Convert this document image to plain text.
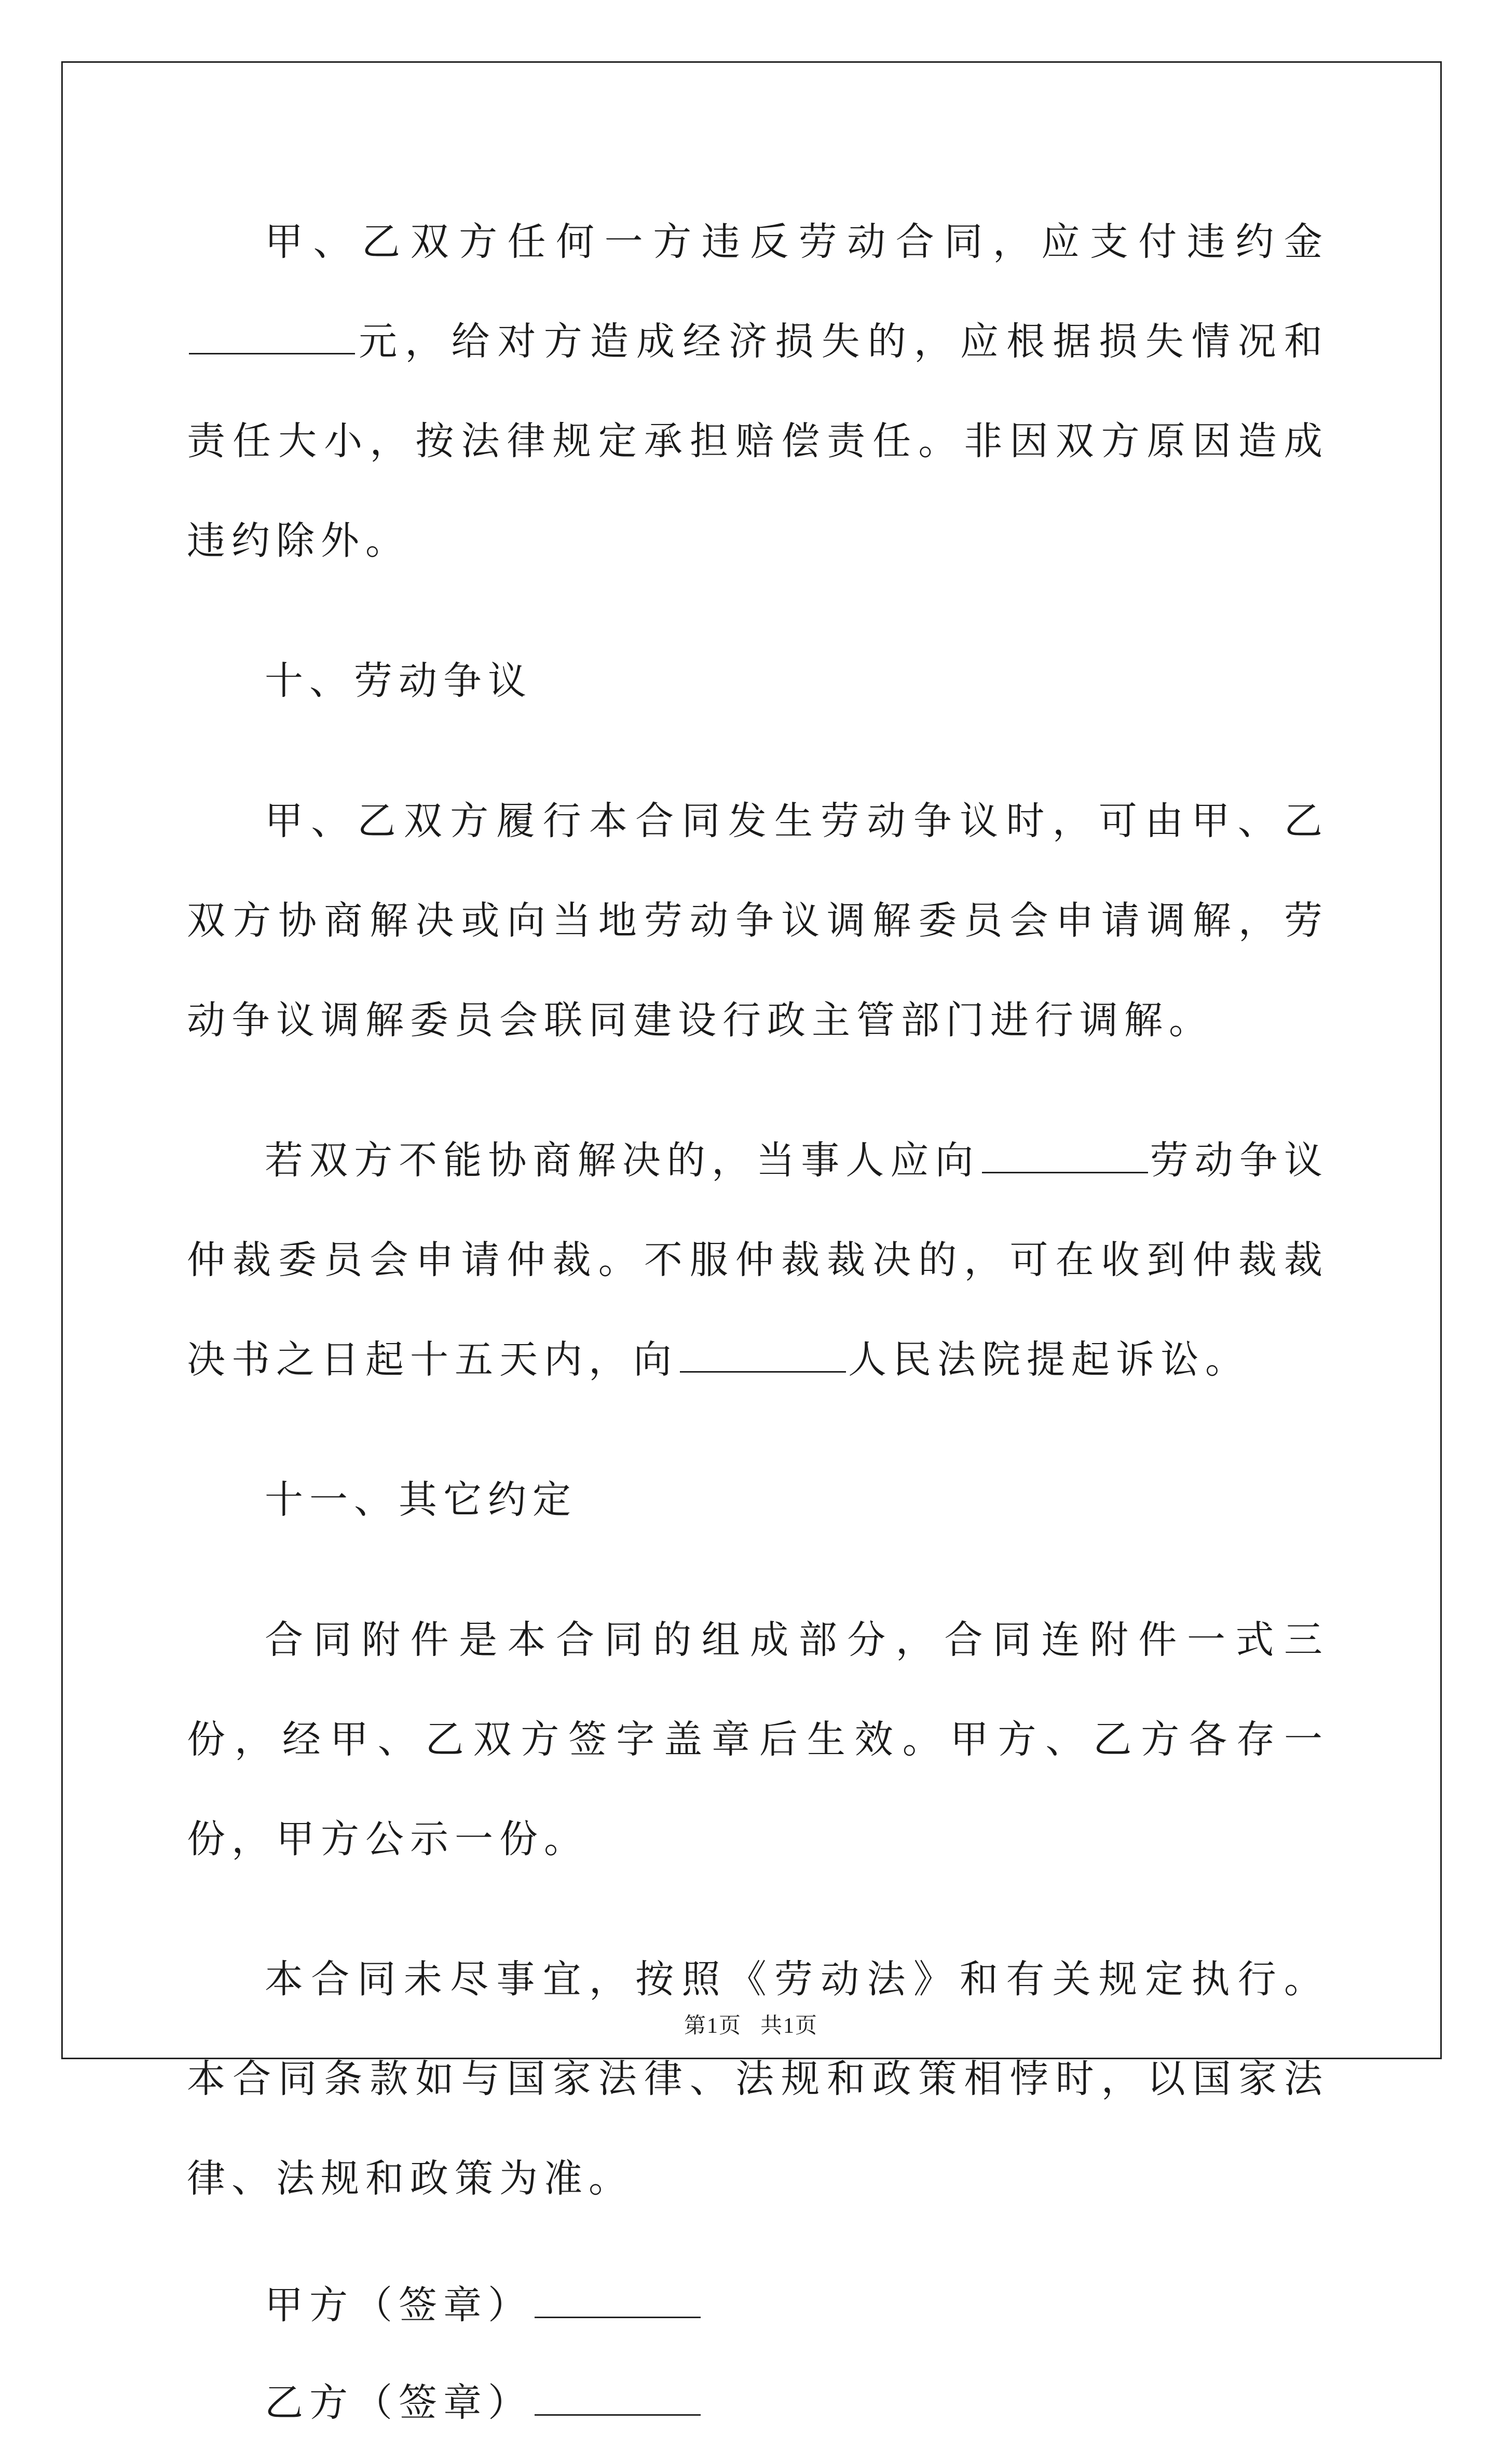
甲、乙双方任何一方违反劳动合同，应支付违约金元，给对方造成经济损失的，应根据损失情况和责任大小，按法律规定承担赔偿责任。非因双方原因造成违约除外。

十、劳动争议

甲、乙双方履行本合同发生劳动争议时，可由甲、乙双方协商解决或向当地劳动争议调解委员会申请调解，劳动争议调解委员会联同建设行政主管部门进行调解。

若双方不能协商解决的，当事人应向	劳动争议仲裁委员会申请仲裁。不服仲裁裁决的，可在收到仲裁裁决书之日起十五天内，向	人民法院提起诉讼。

十一、其它约定

合同附件是本合同的组成部分，合同连附件一式三份，经甲、乙双方签字盖章后生效。甲方、乙方各存一份，甲方公示一份。

本合同未尽事宜，按照《劳动法》和有关规定执行。本合同条款如与国家法律、法规和政策相悖时，以国家法律、法规和政策为准。

甲方（签章）

乙方（签章）

第1页 共1页
